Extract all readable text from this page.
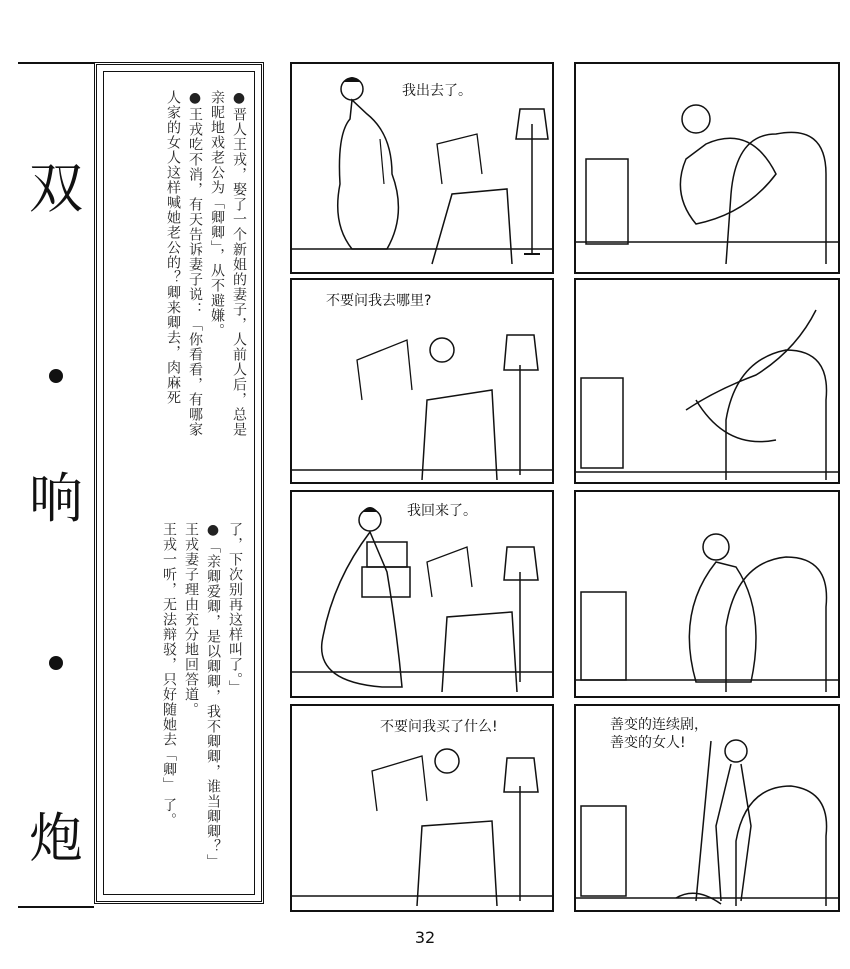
双
响
炮

●晋人王戎，娶了一个新姐的妻子，人前人后，总是

亲昵地戏老公为「卿卿」，从不避嫌。

●王戎吃不消，有天告诉妻子说：「你看看，有哪家

人家的女人这样喊她老公的？卿来卿去，肉麻死

了，下次别再这样叫了。」

●「亲卿爱卿，是以卿卿，我不卿卿，谁当卿卿？」

王戎妻子理由充分地回答道。

王戎一听，无法辩驳，只好随她去「卿」 了。

我出去了。
不要问我去哪里?
我回来了。
不要问我买了什么!	善变的连续剧，
善变的女人!
32
